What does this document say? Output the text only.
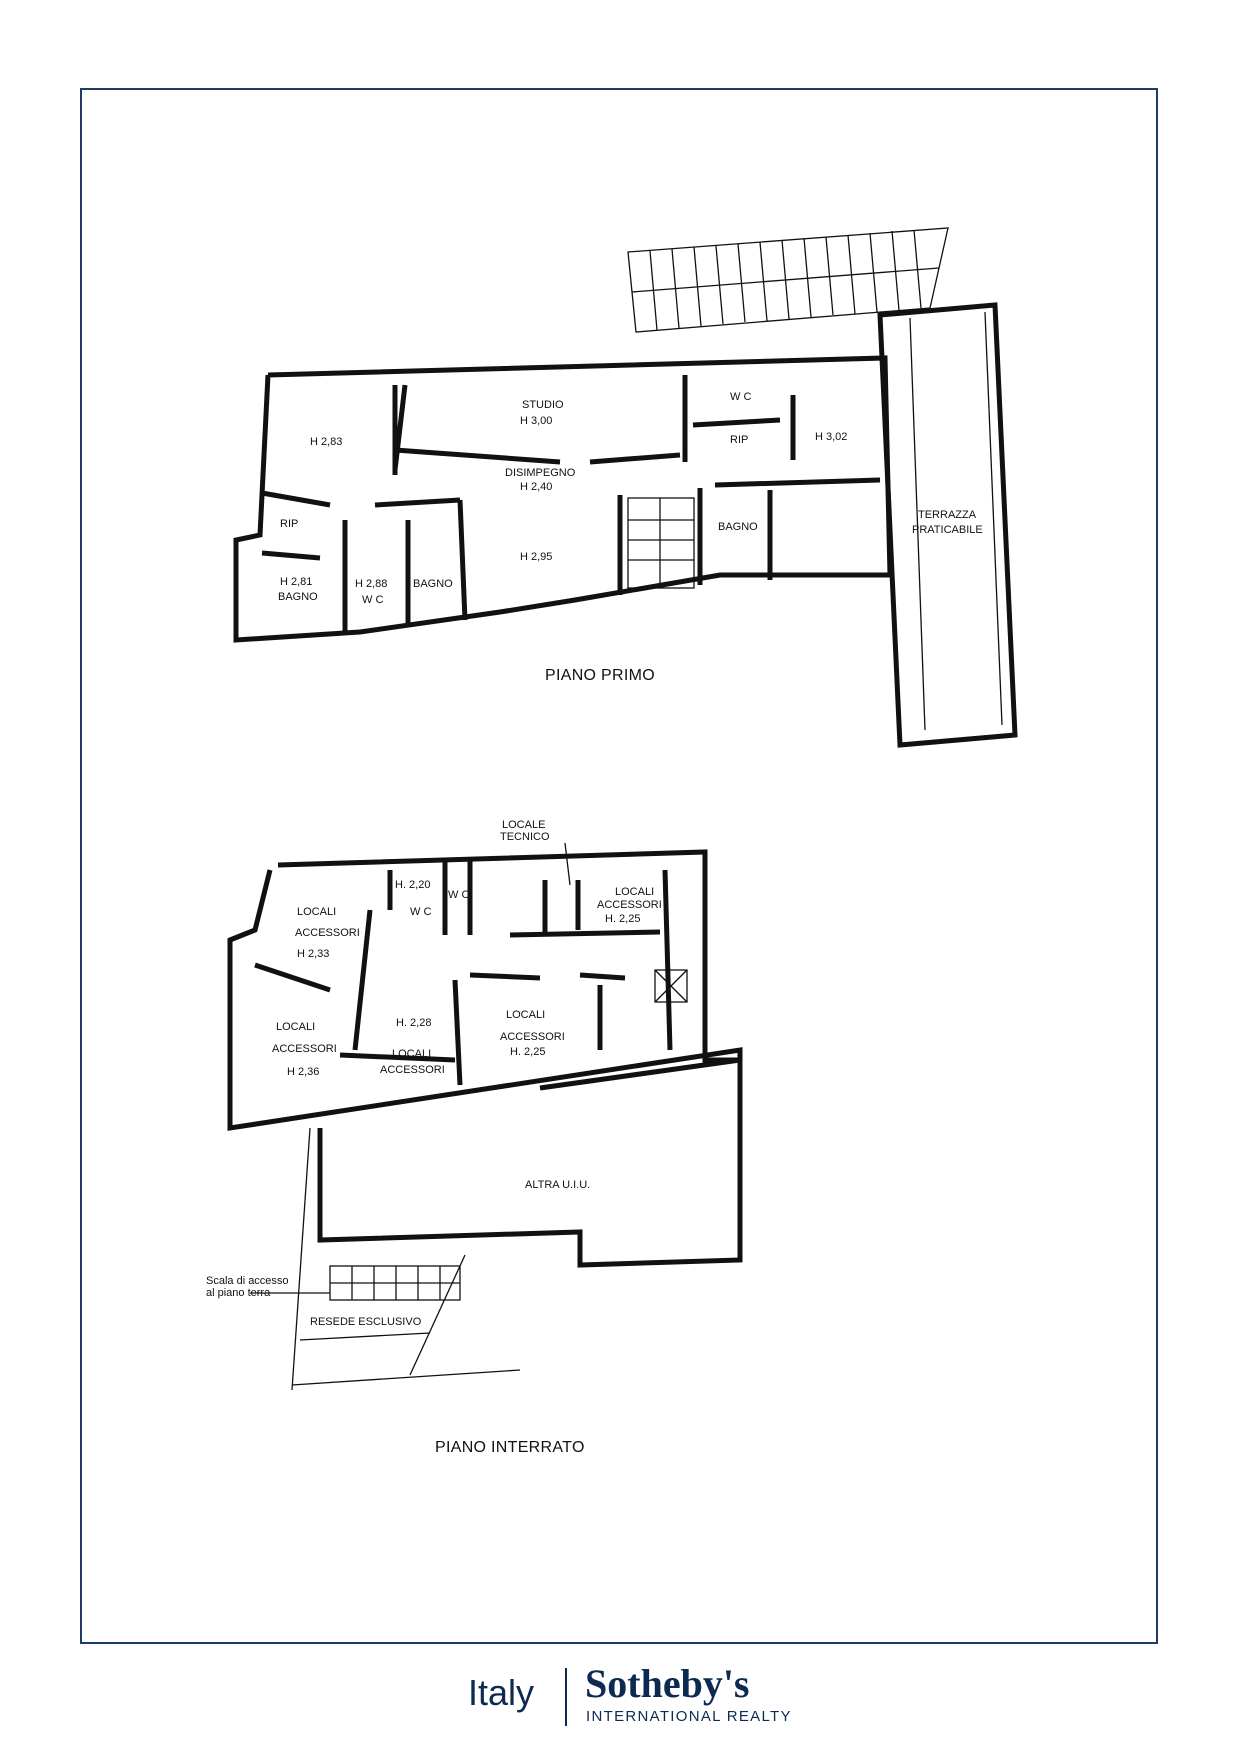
H 2,83
STUDIO
H 3,00
W C
RIP	H 3,02
DISIMPEGNO
H 2,40
RIP	BAGNO
H 2,95
H 2,81
BAGNO
H 2,88
W C
BAGNO
TERRAZZA
PRATICABILE
PIANO PRIMO
LOCALE
TECNICO
H. 2,20
W C
W C
LOCALI
ACCESSORI
H. 2,25
LOCALI
ACCESSORI
H 2,33
LOCALI
ACCESSORI
H 2,36
H. 2,28
LOCALI
ACCESSORI
LOCALI
ACCESSORI
H. 2,25
ALTRA U.I.U.
Scala di accesso
al piano terra
RESEDE ESCLUSIVO
PIANO INTERRATO
Italy Sotheby's
INTERNATIONAL REALTY
